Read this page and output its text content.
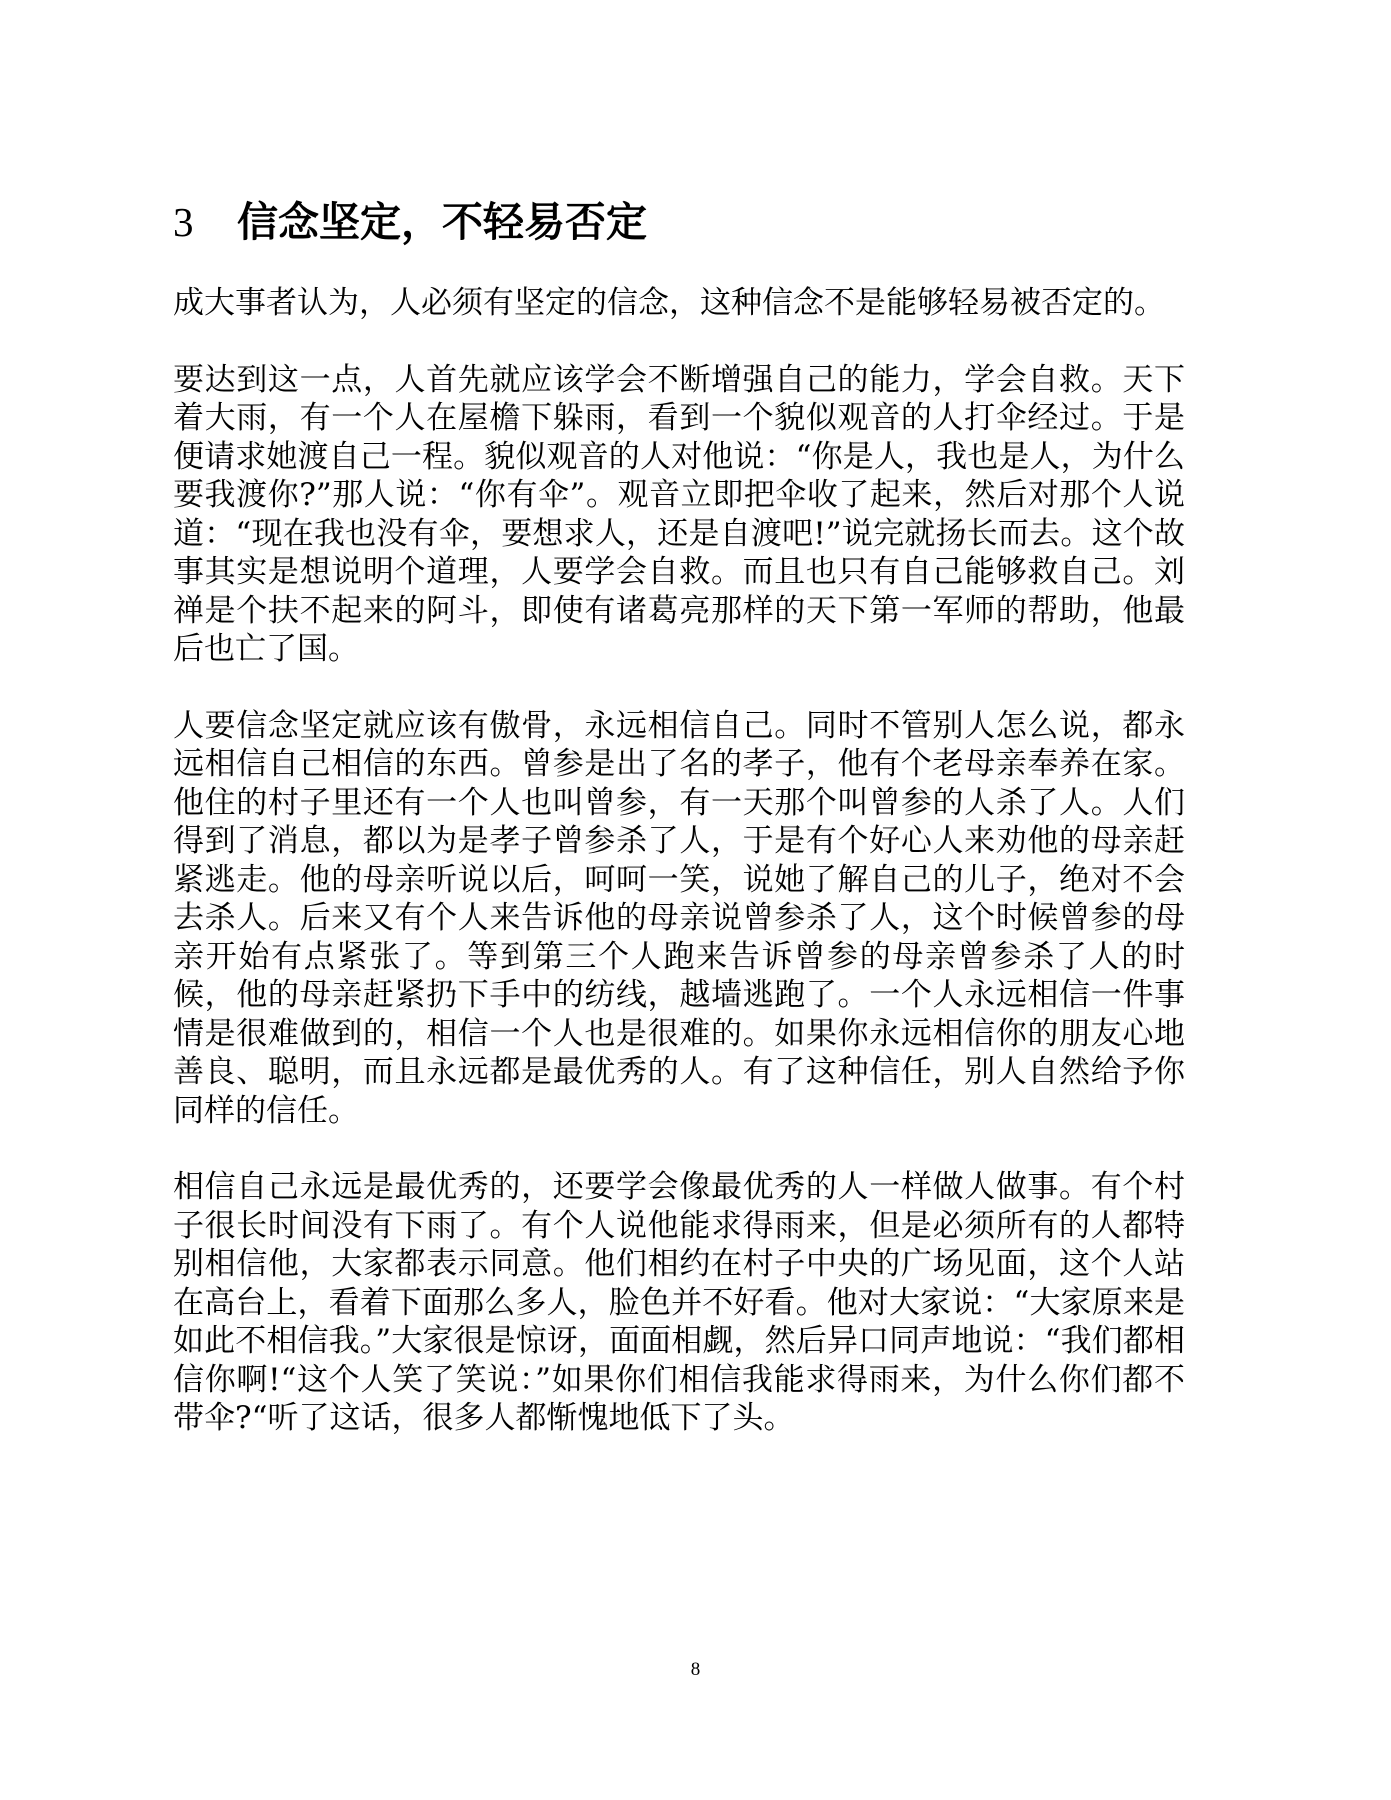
3	信念坚定，不轻易否定

成大事者认为，人必须有坚定的信念，这种信念不是能够轻易被否定的。

要达到这一点，人首先就应该学会不断增强自己的能力，学会自救。天下着大雨，有一个人在屋檐下躲雨，看到一个貌似观音的人打伞经过。于是便请求她渡自己一程。貌似观音的人对他说：“你是人，我也是人，为什么要我渡你?”那人说：“你有伞”。观音立即把伞收了起来，然后对那个人说道：“现在我也没有伞，要想求人，还是自渡吧!”说完就扬长而去。这个故事其实是想说明个道理，人要学会自救。而且也只有自己能够救自己。刘禅是个扶不起来的阿斗，即使有诸葛亮那样的天下第一军师的帮助，他最后也亡了国。

人要信念坚定就应该有傲骨，永远相信自己。同时不管别人怎么说，都永远相信自己相信的东西。曾参是出了名的孝子，他有个老母亲奉养在家。他住的村子里还有一个人也叫曾参，有一天那个叫曾参的人杀了人。人们得到了消息，都以为是孝子曾参杀了人，于是有个好心人来劝他的母亲赶紧逃走。他的母亲听说以后，呵呵一笑，说她了解自己的儿子，绝对不会去杀人。后来又有个人来告诉他的母亲说曾参杀了人，这个时候曾参的母亲开始有点紧张了。等到第三个人跑来告诉曾参的母亲曾参杀了人的时候，他的母亲赶紧扔下手中的纺线，越墙逃跑了。一个人永远相信一件事情是很难做到的，相信一个人也是很难的。如果你永远相信你的朋友心地善良、聪明，而且永远都是最优秀的人。有了这种信任，别人自然给予你同样的信任。

相信自己永远是最优秀的，还要学会像最优秀的人一样做人做事。有个村子很长时间没有下雨了。有个人说他能求得雨来，但是必须所有的人都特别相信他，大家都表示同意。他们相约在村子中央的广场见面，这个人站在高台上，看着下面那么多人，脸色并不好看。他对大家说：“大家原来是如此不相信我。”大家很是惊讶，面面相觑，然后异口同声地说：“我们都相信你啊!“这个人笑了笑说：”如果你们相信我能求得雨来，为什么你们都不带伞?“听了这话，很多人都惭愧地低下了头。

8
